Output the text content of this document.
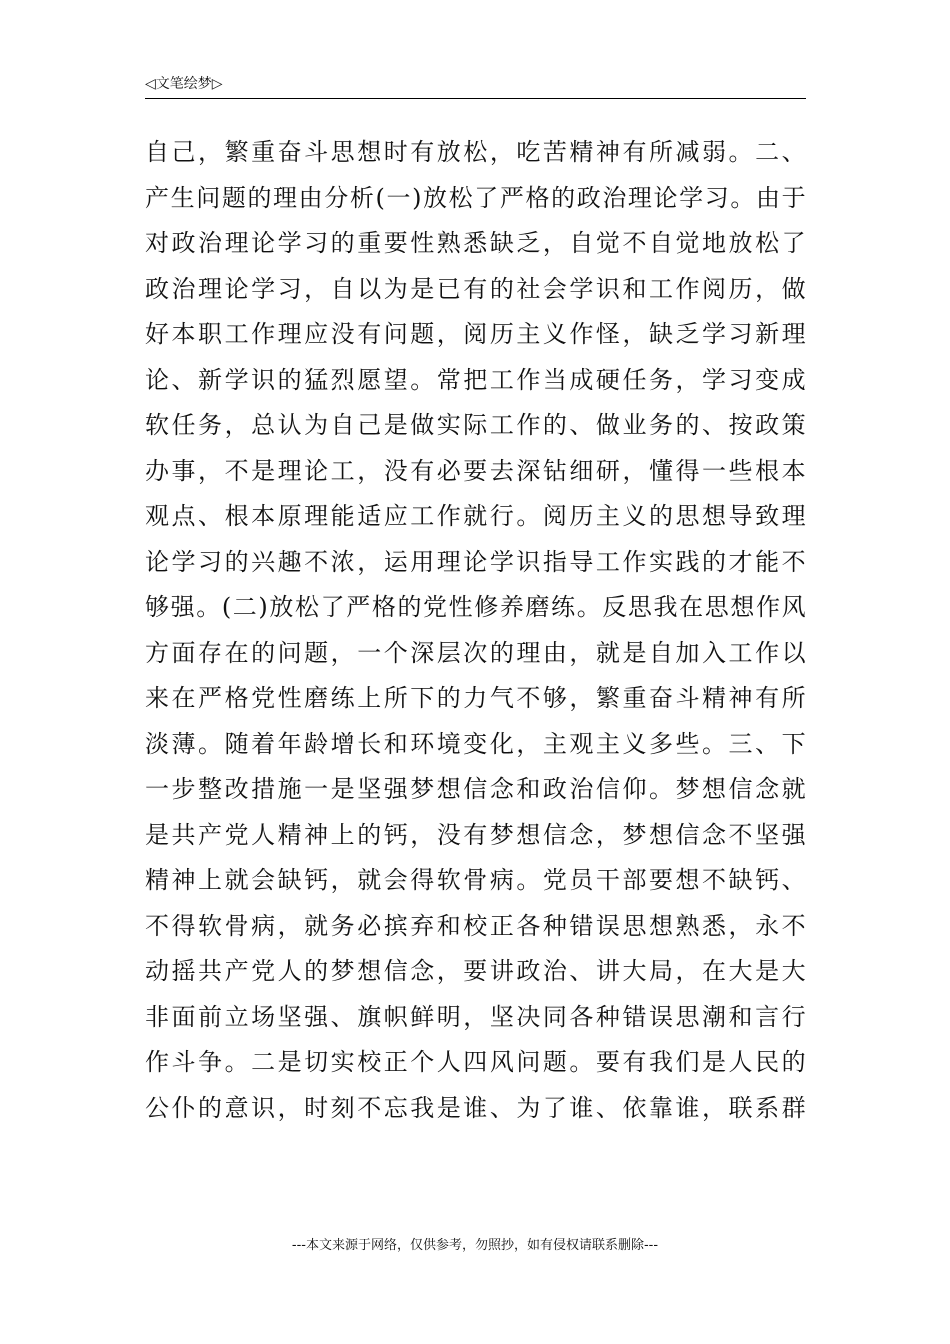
◁文笔绘梦▷
自己，繁重奋斗思想时有放松，吃苦精神有所减弱。二、
产生问题的理由分析(一)放松了严格的政治理论学习。由于
对政治理论学习的重要性熟悉缺乏，自觉不自觉地放松了
政治理论学习，自以为是已有的社会学识和工作阅历，做
好本职工作理应没有问题，阅历主义作怪，缺乏学习新理
论、新学识的猛烈愿望。常把工作当成硬任务，学习变成
软任务，总认为自己是做实际工作的、做业务的、按政策
办事，不是理论工，没有必要去深钻细研，懂得一些根本
观点、根本原理能适应工作就行。阅历主义的思想导致理
论学习的兴趣不浓，运用理论学识指导工作实践的才能不
够强。(二)放松了严格的党性修养磨练。反思我在思想作风
方面存在的问题，一个深层次的理由，就是自加入工作以
来在严格党性磨练上所下的力气不够，繁重奋斗精神有所
淡薄。随着年龄增长和环境变化，主观主义多些。三、下
一步整改措施一是坚强梦想信念和政治信仰。梦想信念就
是共产党人精神上的钙，没有梦想信念，梦想信念不坚强
精神上就会缺钙，就会得软骨病。党员干部要想不缺钙、
不得软骨病，就务必摈弃和校正各种错误思想熟悉，永不
动摇共产党人的梦想信念，要讲政治、讲大局，在大是大
非面前立场坚强、旗帜鲜明，坚决同各种错误思潮和言行
作斗争。二是切实校正个人四风问题。要有我们是人民的
公仆的意识，时刻不忘我是谁、为了谁、依靠谁，联系群
---本文来源于网络，仅供参考，勿照抄，如有侵权请联系删除---
